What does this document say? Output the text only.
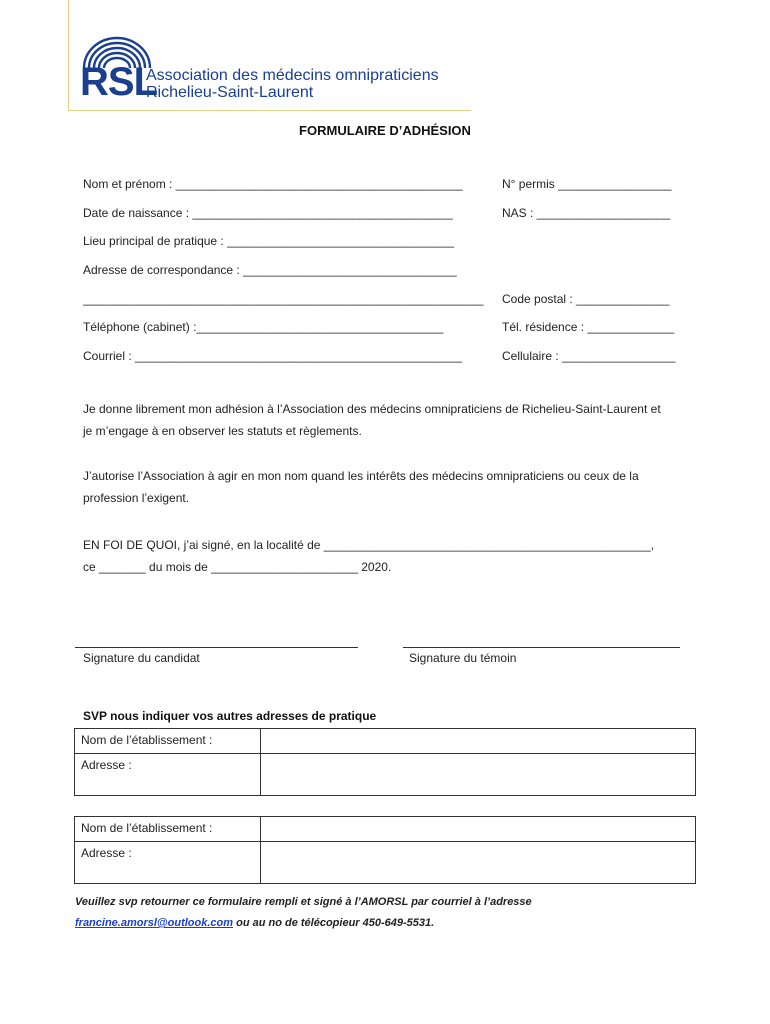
RSL
Association des médecins omnipraticiens
Richelieu-Saint-Laurent
FORMULAIRE D’ADHÉSION
Nom et prénom : ___________________________________________	N° permis _________________
Date de naissance : _______________________________________	NAS : ____________________
Lieu principal de pratique : __________________________________
Adresse de correspondance : ________________________________
____________________________________________________________	Code postal : ______________
Téléphone (cabinet) :_____________________________________	Tél. résidence : _____________
Courriel : _________________________________________________	Cellulaire : _________________
Je donne librement mon adhésion à l’Association des médecins omnipraticiens de Richelieu-Saint-Laurent et
je m’engage à en observer les statuts et règlements.
J’autorise l’Association à agir en mon nom quand les intérêts des médecins omnipraticiens ou ceux de la
profession l’exigent.
EN FOI DE QUOI, j’ai signé, en la localité de _________________________________________________,
ce _______ du mois de ______________________ 2020.
Signature du candidat	Signature du témoin
SVP nous indiquer vos autres adresses de pratique
Nom de l’établissement :	
Adresse :	
Nom de l’établissement :	
Adresse :	
Veuillez svp retourner ce formulaire rempli et signé à l’AMORSL par courriel à l’adresse
francine.amorsl@outlook.com ou au no de télécopieur 450-649-5531.
